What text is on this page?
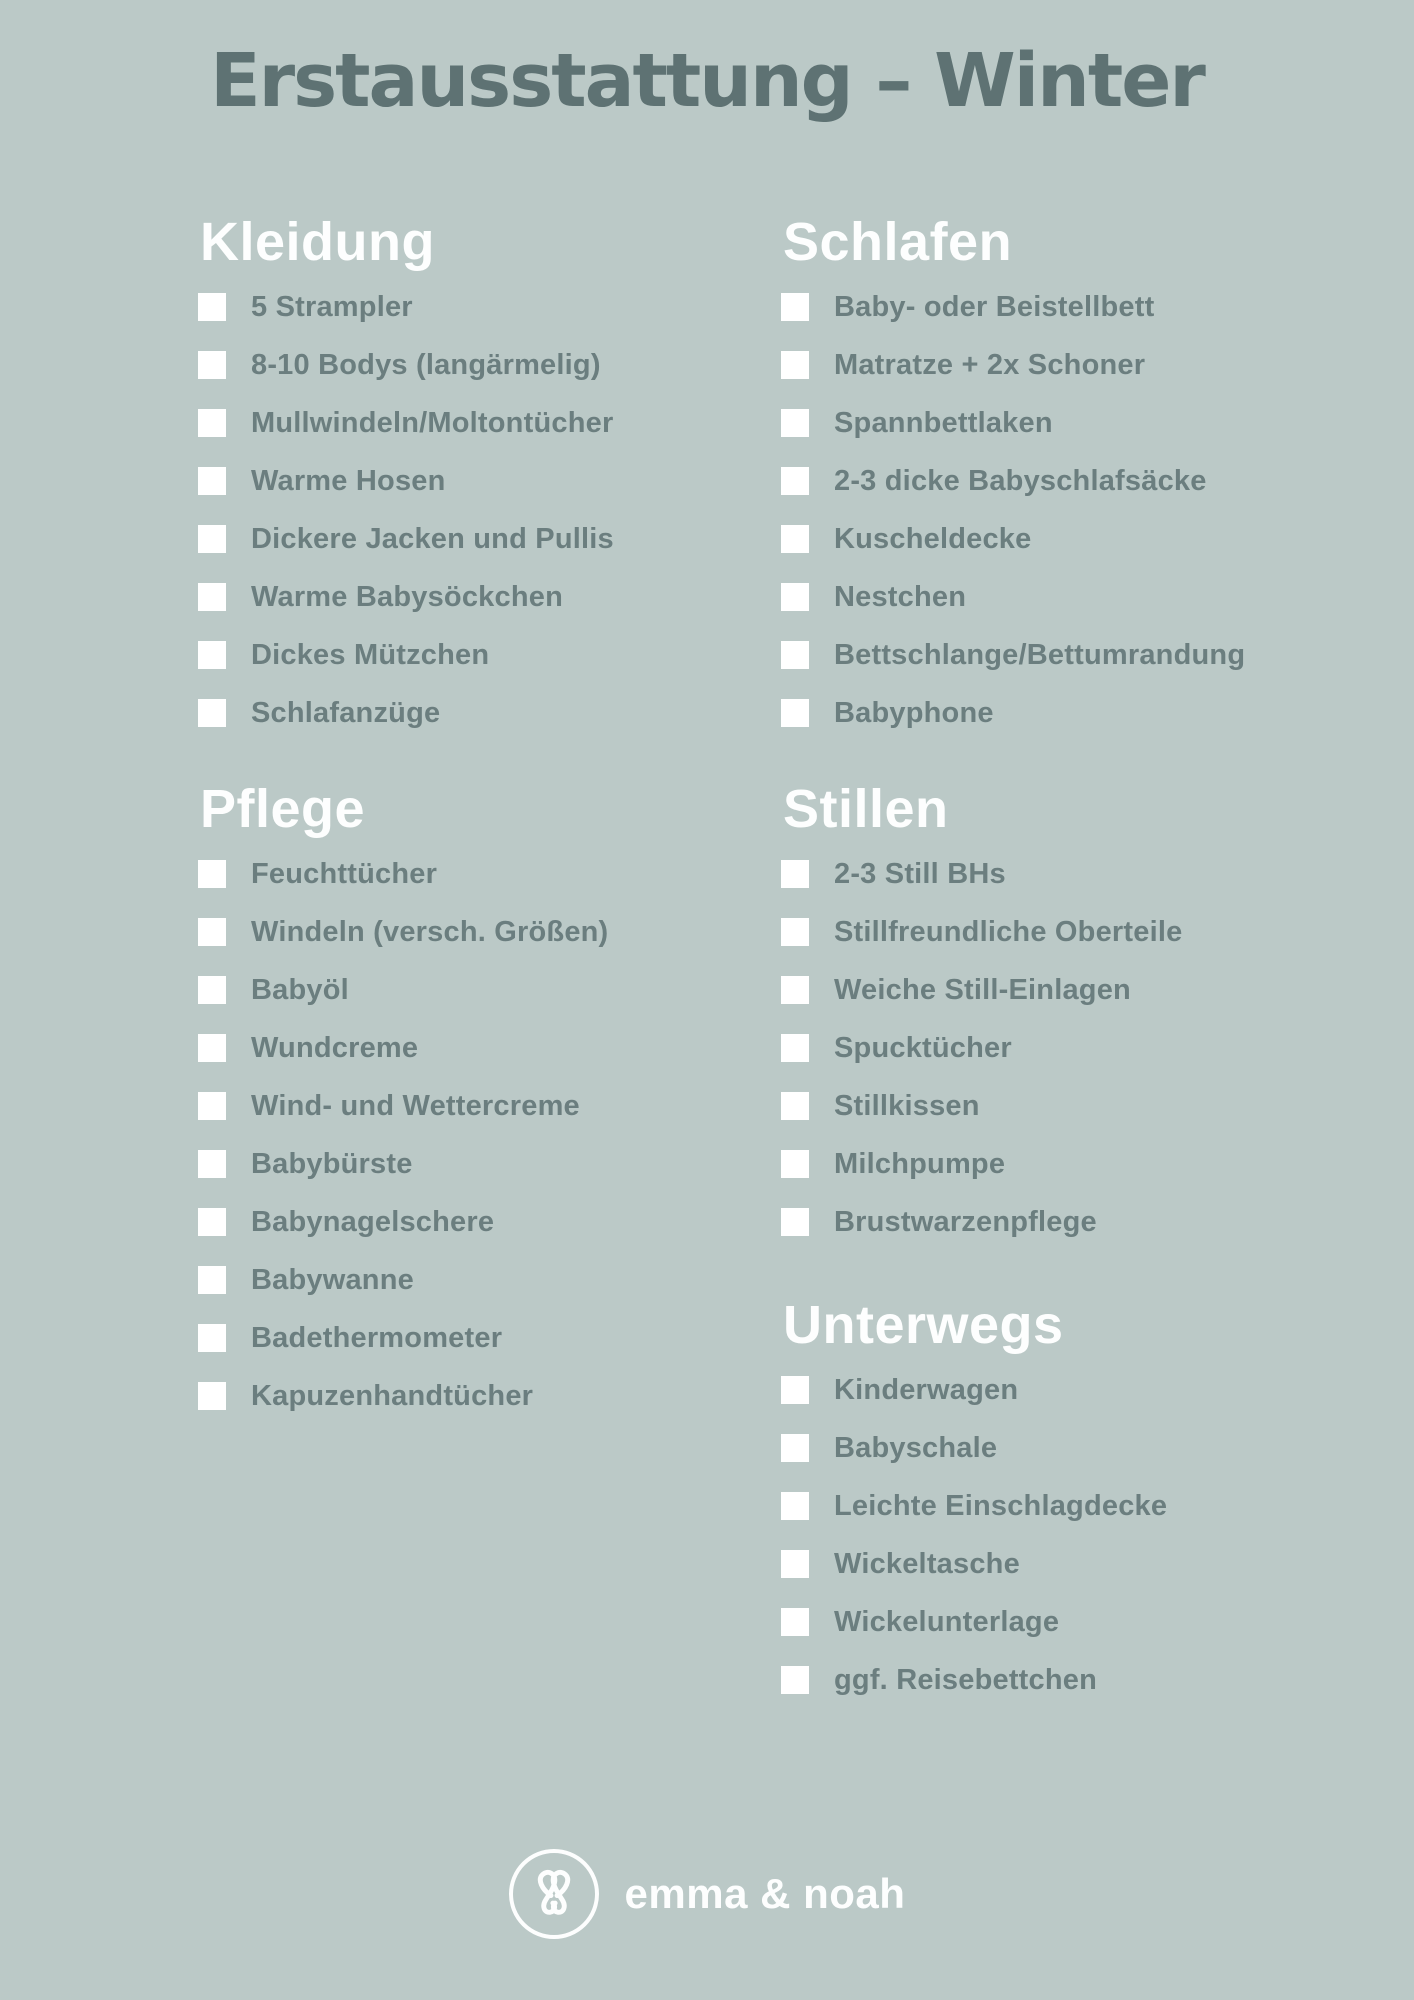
Erstausstattung – Winter
Kleidung
5 Strampler
8-10 Bodys (langärmelig)
Mullwindeln/Moltontücher
Warme Hosen
Dickere Jacken und Pullis
Warme Babysöckchen
Dickes Mützchen
Schlafanzüge
Pflege
Feuchttücher
Windeln (versch. Größen)
Babyöl
Wundcreme
Wind- und Wettercreme
Babybürste
Babynagelschere
Babywanne
Badethermometer
Kapuzenhandtücher
Schlafen
Baby- oder Beistellbett
Matratze + 2x Schoner
Spannbettlaken
2-3 dicke Babyschlafsäcke
Kuscheldecke
Nestchen
Bettschlange/Bettumrandung
Babyphone
Stillen
2-3 Still BHs
Stillfreundliche Oberteile
Weiche Still-Einlagen
Spucktücher
Stillkissen
Milchpumpe
Brustwarzenpflege
Unterwegs
Kinderwagen
Babyschale
Leichte Einschlagdecke
Wickeltasche
Wickelunterlage
ggf. Reisebettchen
emma & noah
